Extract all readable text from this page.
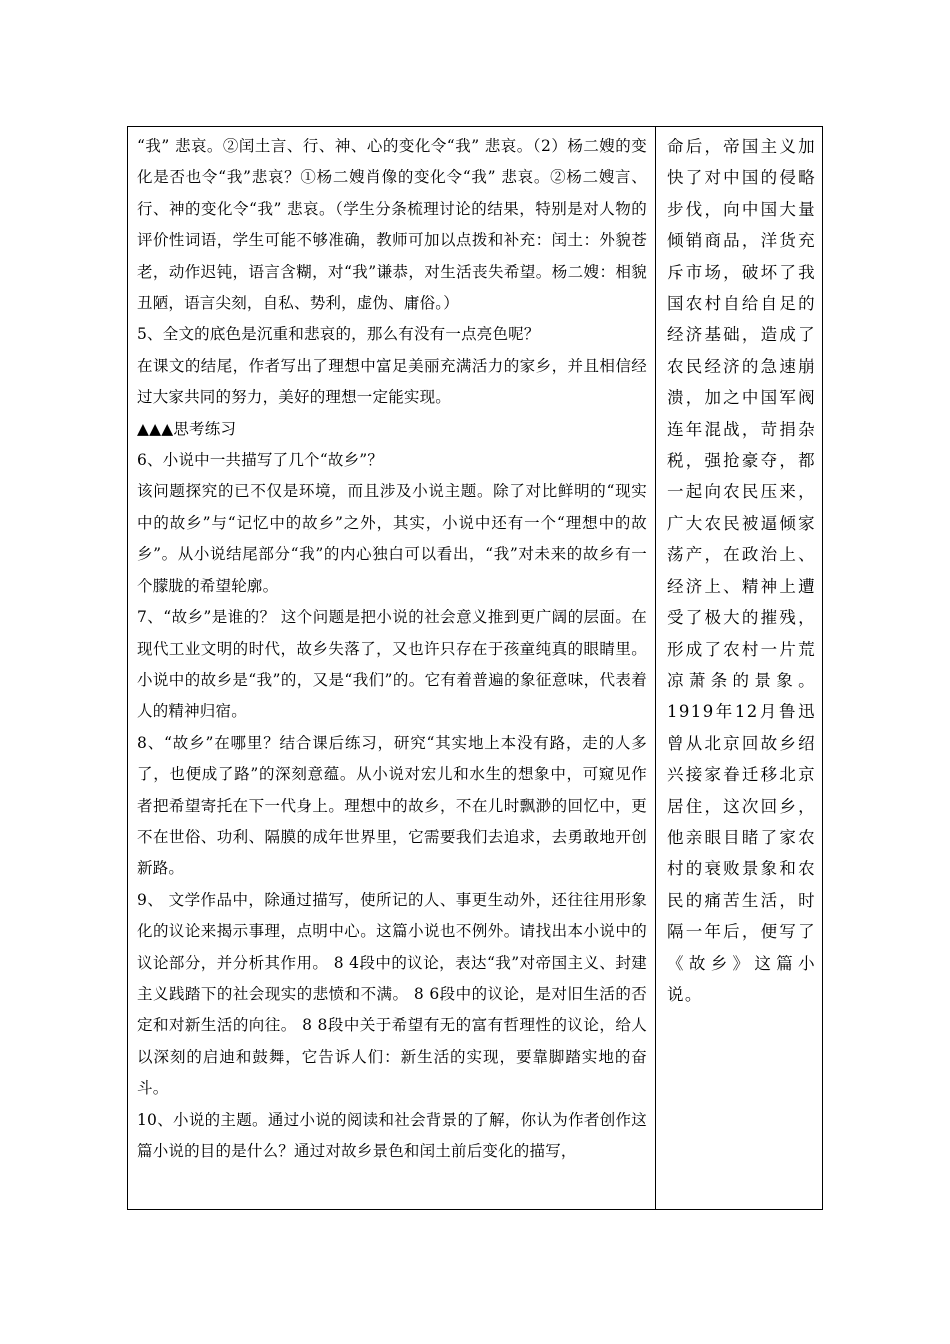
“我” 悲哀。②闰土言、行、神、心的变化令“我” 悲哀。（2）杨二嫂的变化是否也令“我”悲哀？①杨二嫂肖像的变化令“我” 悲哀。②杨二嫂言、行、神的变化令“我” 悲哀。（学生分条梳理讨论的结果，特别是对人物的评价性词语，学生可能不够准确，教师可加以点拨和补充：闰土：外貌苍老，动作迟钝，语言含糊，对“我”谦恭，对生活丧失希望。杨二嫂：相貌丑陋，语言尖刻，自私、势利，虚伪、庸俗。）

5、全文的底色是沉重和悲哀的，那么有没有一点亮色呢？

在课文的结尾，作者写出了理想中富足美丽充满活力的家乡，并且相信经过大家共同的努力，美好的理想一定能实现。

▲▲▲思考练习

6、小说中一共描写了几个“故乡”？

该问题探究的已不仅是环境，而且涉及小说主题。除了对比鲜明的“现实中的故乡”与“记忆中的故乡”之外，其实，小说中还有一个“理想中的故乡”。从小说结尾部分“我”的内心独白可以看出，“我”对未来的故乡有一个朦胧的希望轮廓。

7、“故乡”是谁的？ 这个问题是把小说的社会意义推到更广阔的层面。在现代工业文明的时代，故乡失落了，又也许只存在于孩童纯真的眼睛里。小说中的故乡是“我”的，又是“我们”的。它有着普遍的象征意味，代表着人的精神归宿。

8、“故乡”在哪里？结合课后练习，研究“其实地上本没有路，走的人多了，也便成了路”的深刻意蕴。从小说对宏儿和水生的想象中，可窥见作者把希望寄托在下一代身上。理想中的故乡，不在儿时飘渺的回忆中，更不在世俗、功利、隔膜的成年世界里，它需要我们去追求，去勇敢地开创新路。

9、 文学作品中，除通过描写，使所记的人、事更生动外，还往往用形象化的议论来揭示事理，点明中心。这篇小说也不例外。请找出本小说中的议论部分，并分析其作用。 8 4段中的议论，表达“我”对帝国主义、封建主义践踏下的社会现实的悲愤和不满。 8 6段中的议论，是对旧生活的否定和对新生活的向往。 8 8段中关于希望有无的富有哲理性的议论，给人以深刻的启迪和鼓舞，它告诉人们：新生活的实现，要靠脚踏实地的奋斗。

10、小说的主题。通过小说的阅读和社会背景的了解，你认为作者创作这篇小说的目的是什么？通过对故乡景色和闰土前后变化的描写，

命后，帝国主义加快了对中国的侵略步伐，向中国大量倾销商品，洋货充斥市场，破坏了我国农村自给自足的经济基础，造成了农民经济的急速崩溃，加之中国军阀连年混战，苛捐杂税，强抢豪夺，都一起向农民压来，广大农民被逼倾家荡产，在政治上、经济上、精神上遭受了极大的摧残，形成了农村一片荒凉萧条的景象。1919年12月鲁迅曾从北京回故乡绍兴接家眷迁移北京居住，这次回乡，他亲眼目睹了家农村的衰败景象和农民的痛苦生活，时隔一年后，便写了《故乡》这篇小说。
